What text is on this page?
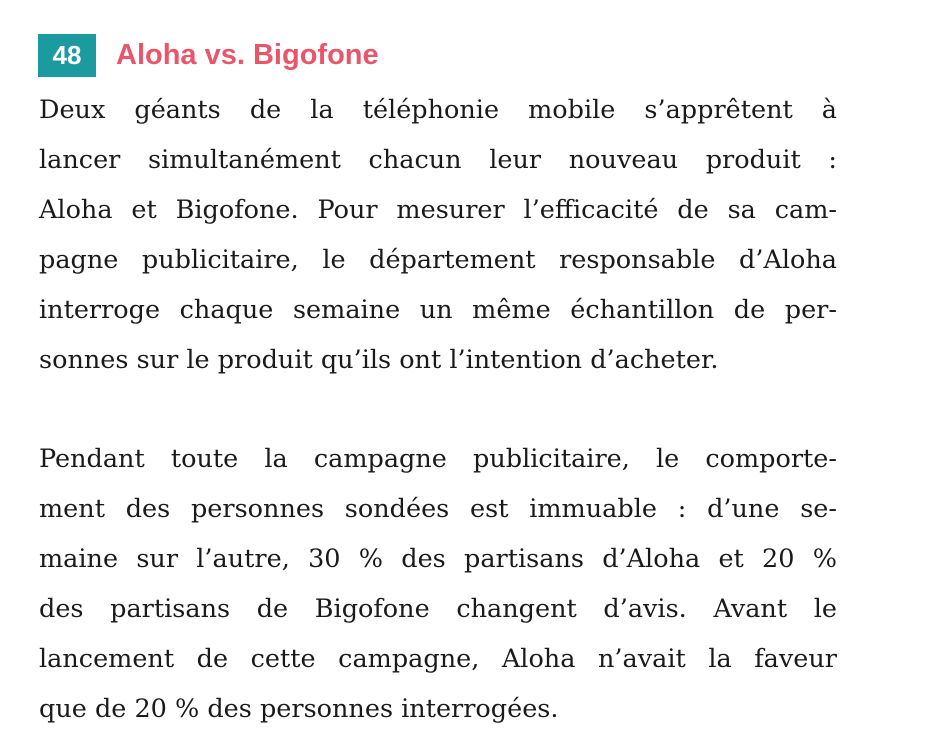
48	Aloha vs. Bigofone
Deux géants de la téléphonie mobile s’apprêtent à
lancer simultanément chacun leur nouveau produit :
Aloha et Bigofone. Pour mesurer l’efficacité de sa cam-
pagne publicitaire, le département responsable d’Aloha
interroge chaque semaine un même échantillon de per-
sonnes sur le produit qu’ils ont l’intention d’acheter.
Pendant toute la campagne publicitaire, le comporte-
ment des personnes sondées est immuable : d’une se-
maine sur l’autre, 30 % des partisans d’Aloha et 20 %
des partisans de Bigofone changent d’avis. Avant le
lancement de cette campagne, Aloha n’avait la faveur
que de 20 % des personnes interrogées.
